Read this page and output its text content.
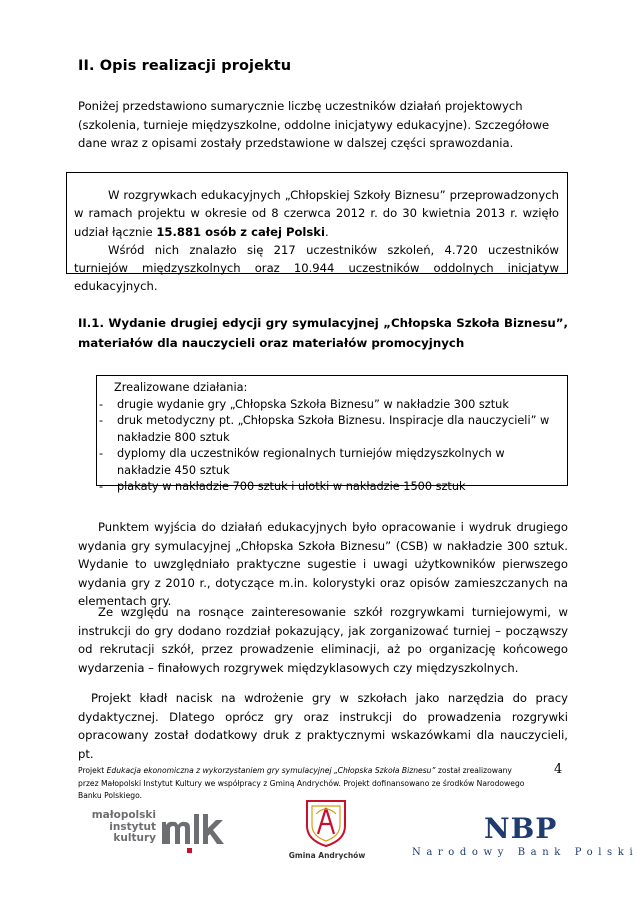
II. Opis realizacji projektu

Poniżej przedstawiono sumarycznie liczbę uczestników działań projektowych (szkolenia, turnieje międzyszkolne, oddolne inicjatywy edukacyjne). Szczegółowe dane wraz z opisami zostały przedstawione w dalszej części sprawozdania.

W rozgrywkach edukacyjnych „Chłopskiej Szkoły Biznesu” przeprowadzonych w ramach projektu w okresie od 8 czerwca 2012 r. do 30 kwietnia 2013 r. wzięło udział łącznie 15.881 osób z całej Polski.

Wśród nich znalazło się 217 uczestników szkoleń, 4.720 uczestników turniejów międzyszkolnych oraz 10.944 uczestników oddolnych inicjatyw edukacyjnych.

II.1. Wydanie drugiej edycji gry symulacyjnej „Chłopska Szkoła Biznesu”, materiałów dla nauczycieli oraz materiałów promocyjnych
Zrealizowane działania:
- drugie wydanie gry „Chłopska Szkoła Biznesu” w nakładzie 300 sztuk
- druk metodyczny pt. „Chłopska Szkoła Biznesu. Inspiracje dla nauczycieli” w nakładzie 800 sztuk
- dyplomy dla uczestników regionalnych turniejów międzyszkolnych w nakładzie 450 sztuk
- plakaty w nakładzie 700 sztuk i ulotki w nakładzie 1500 sztuk

Punktem wyjścia do działań edukacyjnych było opracowanie i wydruk drugiego wydania gry symulacyjnej „Chłopska Szkoła Biznesu” (CSB) w nakładzie 300 sztuk. Wydanie to uwzględniało praktyczne sugestie i uwagi użytkowników pierwszego wydania gry z 2010 r., dotyczące m.in. kolorystyki oraz opisów zamieszczanych na elementach gry.

Ze względu na rosnące zainteresowanie szkół rozgrywkami turniejowymi, w instrukcji do gry dodano rozdział pokazujący, jak zorganizować turniej – począwszy od rekrutacji szkół, przez prowadzenie eliminacji, aż po organizację końcowego wydarzenia – finałowych rozgrywek międzyklasowych czy międzyszkolnych.

Projekt kładł nacisk na wdrożenie gry w szkołach jako narzędzia do pracy dydaktycznej. Dlatego oprócz gry oraz instrukcji do prowadzenia rozgrywki opracowany został dodatkowy druk z praktycznymi wskazówkami dla nauczycieli, pt.

Projekt Edukacja ekonomiczna z wykorzystaniem gry symulacyjnej „Chłopska Szkoła Biznesu” został zrealizowany przez Małopolski Instytut Kultury we współpracy z Gminą Andrychów. Projekt dofinansowano ze środków Narodowego Banku Polskiego.

4
małopolski
instytut
kultury
Gmina Andrychów
NBP
Narodowy Bank Polski
